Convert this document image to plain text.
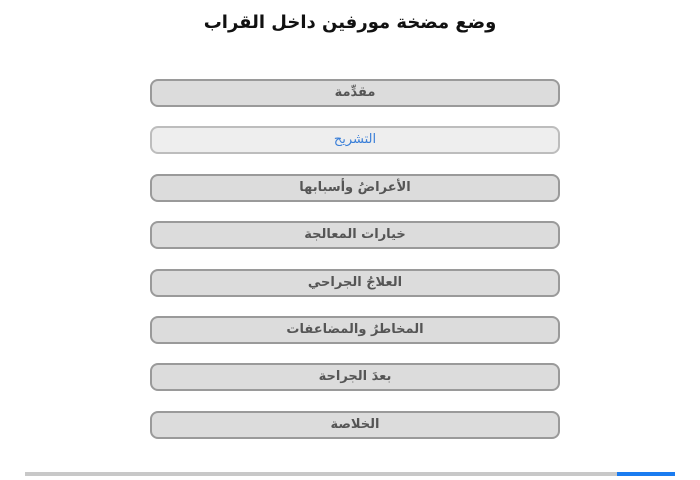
وضع مضخة مورفين داخل القراب
مقدِّمة
التشريح
الأعراضُ وأسبابها
خيارات المعالجة
العلاجُ الجراحي
المخاطرُ والمضاعفات
بعدَ الجراحة
الخلاصة
